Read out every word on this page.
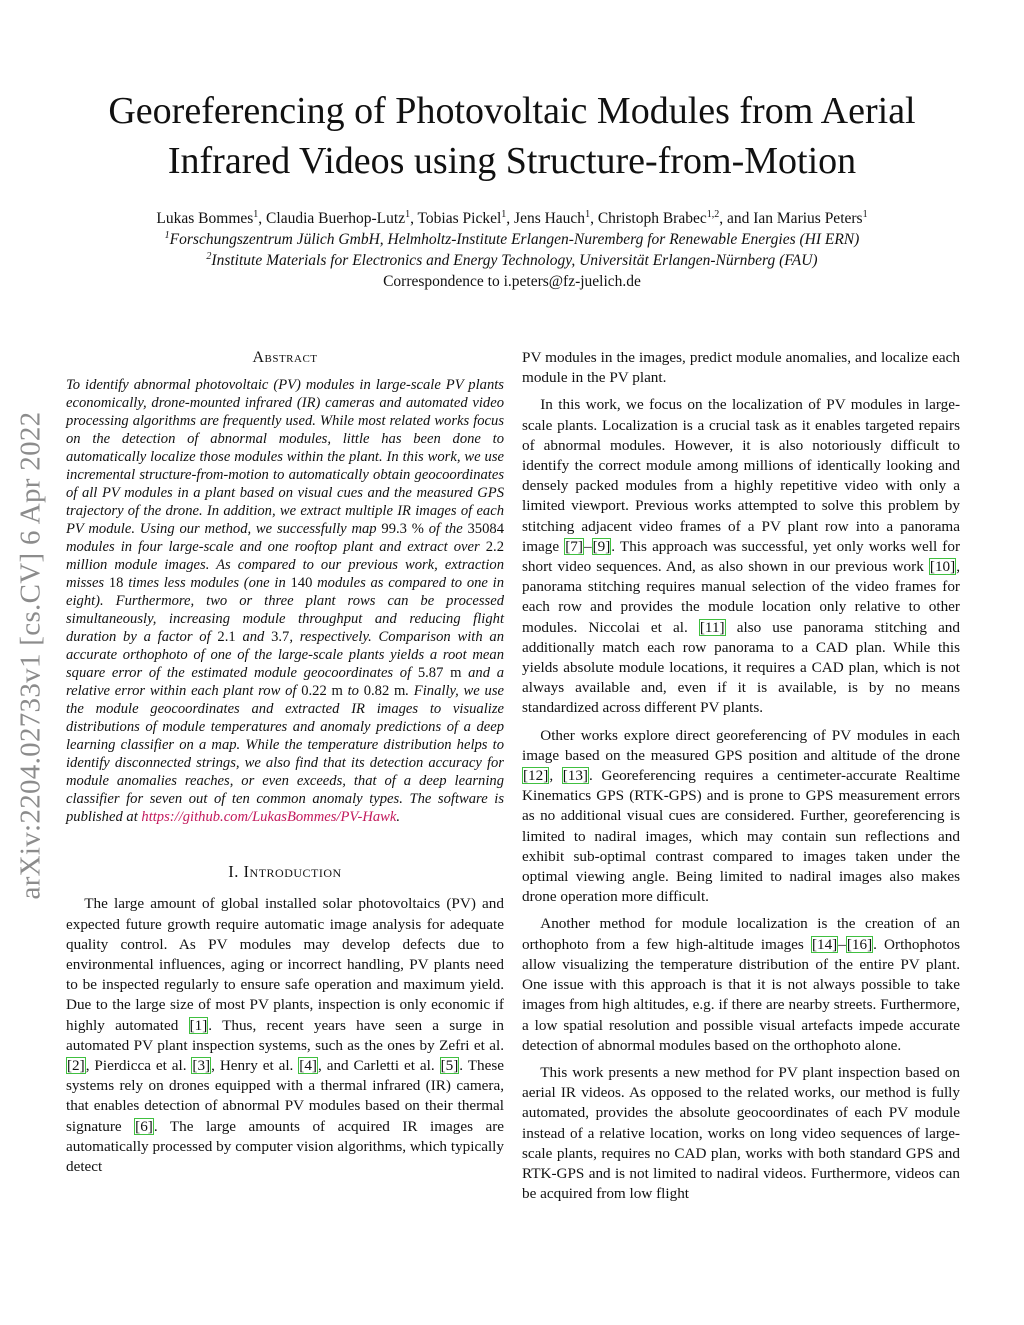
arXiv:2204.02733v1 [cs.CV] 6 Apr 2022
Georeferencing of Photovoltaic Modules from Aerial
Infrared Videos using Structure-from-Motion
Lukas Bommes$^1$, Claudia Buerhop-Lutz$^1$, Tobias Pickel$^1$, Jens Hauch$^1$, Christoph Brabec$^{1,2}$, and Ian Marius Peters$^1$
$^1$Forschungszentrum Jülich GmbH, Helmholtz-Institute Erlangen-Nuremberg for Renewable Energies (HI ERN)
$^2$Institute Materials for Electronics and Energy Technology, Universität Erlangen-Nürnberg (FAU)
Correspondence to i.peters@fz-juelich.de
Abstract

To identify abnormal photovoltaic (PV) modules in large-scale PV plants economically, drone-mounted infrared (IR) cameras and automated video processing algorithms are frequently used. While most related works focus on the detection of abnormal modules, little has been done to automatically localize those modules within the plant. In this work, we use incremental structure-from-motion to automatically obtain geocoordinates of all PV modules in a plant based on visual cues and the measured GPS trajectory of the drone. In addition, we extract multiple IR images of each PV module. Using our method, we successfully map 99.3 % of the 35084 modules in four large-scale and one rooftop plant and extract over 2.2 million module images. As compared to our previous work, extraction misses 18 times less modules (one in 140 modules as compared to one in eight). Furthermore, two or three plant rows can be processed simultaneously, increasing module throughput and reducing flight duration by a factor of 2.1 and 3.7, respectively. Comparison with an accurate orthophoto of one of the large-scale plants yields a root mean square error of the estimated module geocoordinates of 5.87 m and a relative error within each plant row of 0.22 m to 0.82 m. Finally, we use the module geocoordinates and extracted IR images to visualize distributions of module temperatures and anomaly predictions of a deep learning classifier on a map. While the temperature distribution helps to identify disconnected strings, we also find that its detection accuracy for module anomalies reaches, or even exceeds, that of a deep learning classifier for seven out of ten common anomaly types. The software is published at https://github.com/LukasBommes/PV-Hawk.

I. Introduction

The large amount of global installed solar photovoltaics (PV) and expected future growth require automatic image analysis for adequate quality control. As PV modules may develop defects due to environmental influences, aging or incorrect handling, PV plants need to be inspected regularly to ensure safe operation and maximum yield. Due to the large size of most PV plants, inspection is only economic if highly automated [1]. Thus, recent years have seen a surge in automated PV plant inspection systems, such as the ones by Zefri et al. [2], Pierdicca et al. [3], Henry et al. [4], and Carletti et al. [5]. These systems rely on drones equipped with a thermal infrared (IR) camera, that enables detection of abnormal PV modules based on their thermal signature [6]. The large amounts of acquired IR images are automatically processed by computer vision algorithms, which typically detect

PV modules in the images, predict module anomalies, and localize each module in the PV plant.

In this work, we focus on the localization of PV modules in large-scale plants. Localization is a crucial task as it enables targeted repairs of abnormal modules. However, it is also notoriously difficult to identify the correct module among millions of identically looking and densely packed modules from a highly repetitive video with only a limited viewport. Previous works attempted to solve this problem by stitching adjacent video frames of a PV plant row into a panorama image [7]–[9]. This approach was successful, yet only works well for short video sequences. And, as also shown in our previous work [10], panorama stitching requires manual selection of the video frames for each row and provides the module location only relative to other modules. Niccolai et al. [11] also use panorama stitching and additionally match each row panorama to a CAD plan. While this yields absolute module locations, it requires a CAD plan, which is not always available and, even if it is available, is by no means standardized across different PV plants.

Other works explore direct georeferencing of PV modules in each image based on the measured GPS position and altitude of the drone [12], [13]. Georeferencing requires a centimeter-accurate Realtime Kinematics GPS (RTK-GPS) and is prone to GPS measurement errors as no additional visual cues are considered. Further, georeferencing is limited to nadiral images, which may contain sun reflections and exhibit sub-optimal contrast compared to images taken under the optimal viewing angle. Being limited to nadiral images also makes drone operation more difficult.

Another method for module localization is the creation of an orthophoto from a few high-altitude images [14]–[16]. Orthophotos allow visualizing the temperature distribution of the entire PV plant. One issue with this approach is that it is not always possible to take images from high altitudes, e.g. if there are nearby streets. Furthermore, a low spatial resolution and possible visual artefacts impede accurate detection of abnormal modules based on the orthophoto alone.

This work presents a new method for PV plant inspection based on aerial IR videos. As opposed to the related works, our method is fully automated, provides the absolute geocoordinates of each PV module instead of a relative location, works on long video sequences of large-scale plants, requires no CAD plan, works with both standard GPS and RTK-GPS and is not limited to nadiral videos. Furthermore, videos can be acquired from low flight
